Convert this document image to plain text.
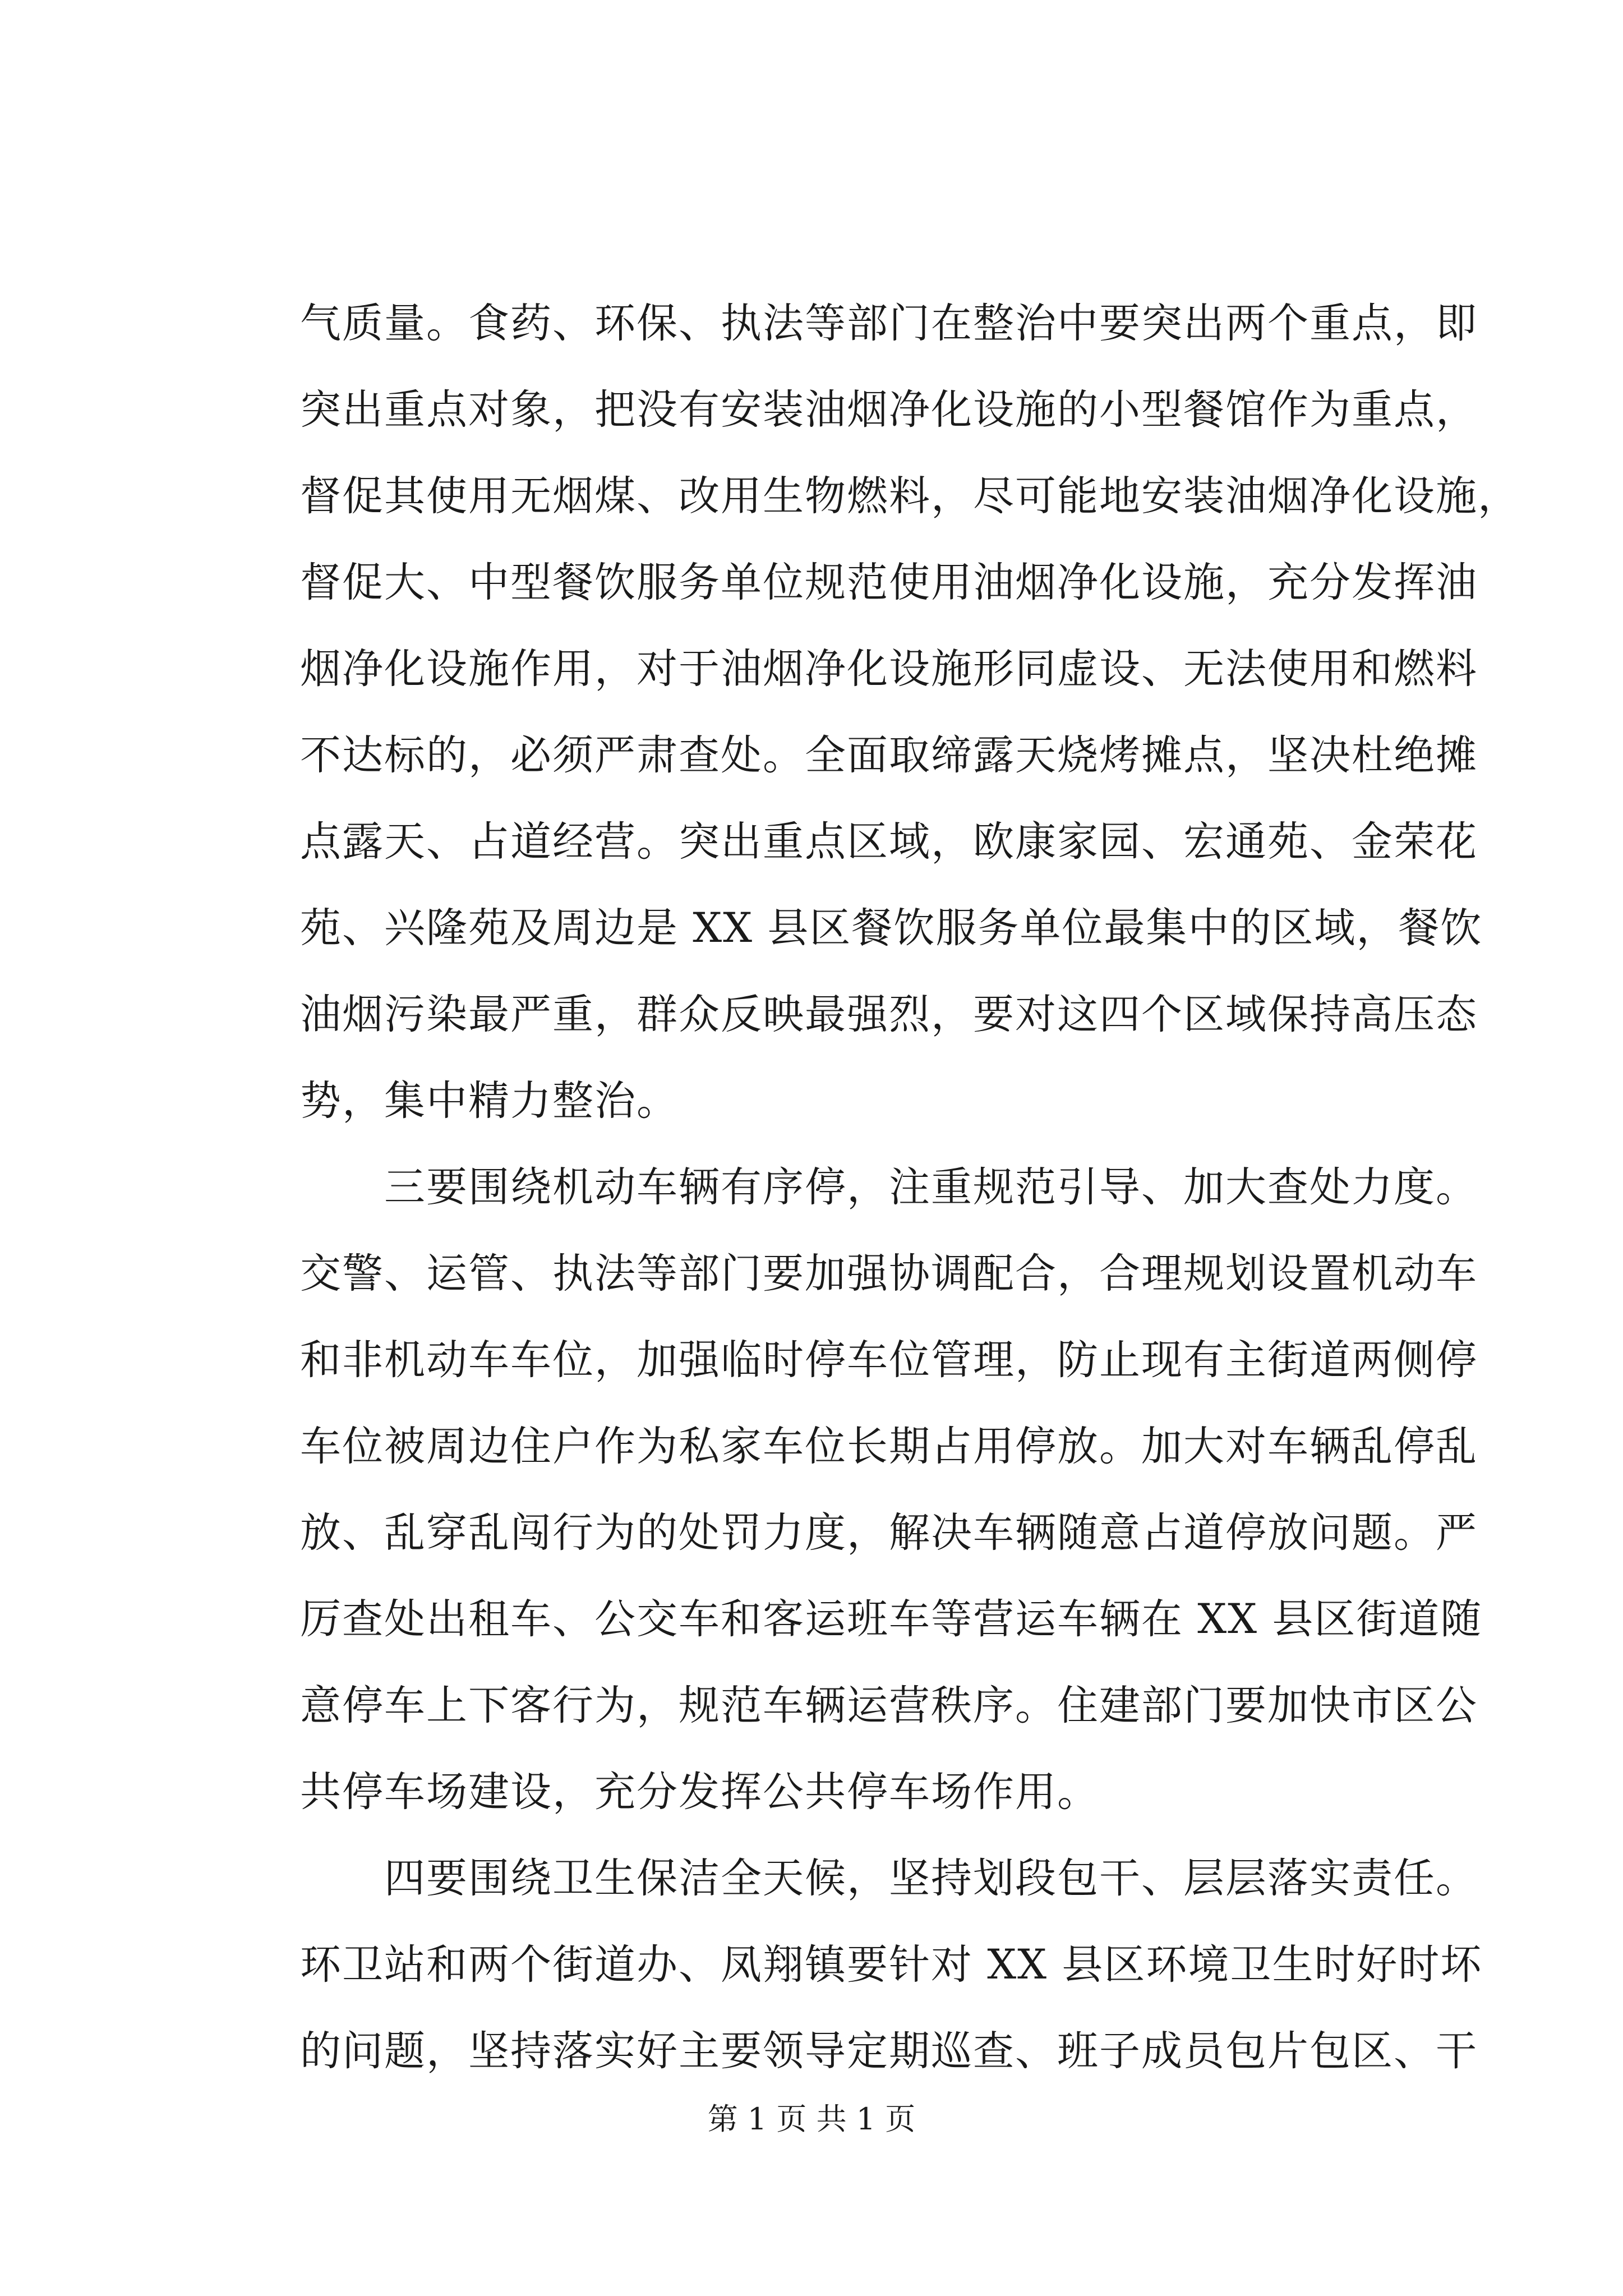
气质量。食药、环保、执法等部门在整治中要突出两个重点，即
突出重点对象，把没有安装油烟净化设施的小型餐馆作为重点，
督促其使用无烟煤、改用生物燃料，尽可能地安装油烟净化设施，
督促大、中型餐饮服务单位规范使用油烟净化设施，充分发挥油
烟净化设施作用，对于油烟净化设施形同虚设、无法使用和燃料
不达标的，必须严肃查处。全面取缔露天烧烤摊点，坚决杜绝摊
点露天、占道经营。突出重点区域，欧康家园、宏通苑、金荣花
苑、兴隆苑及周边是 XX 县区餐饮服务单位最集中的区域，餐饮
油烟污染最严重，群众反映最强烈，要对这四个区域保持高压态
势，集中精力整治。
三要围绕机动车辆有序停，注重规范引导、加大查处力度。
交警、运管、执法等部门要加强协调配合，合理规划设置机动车
和非机动车车位，加强临时停车位管理，防止现有主街道两侧停
车位被周边住户作为私家车位长期占用停放。加大对车辆乱停乱
放、乱穿乱闯行为的处罚力度，解决车辆随意占道停放问题。严
厉查处出租车、公交车和客运班车等营运车辆在 XX 县区街道随
意停车上下客行为，规范车辆运营秩序。住建部门要加快市区公
共停车场建设，充分发挥公共停车场作用。
四要围绕卫生保洁全天候，坚持划段包干、层层落实责任。
环卫站和两个街道办、凤翔镇要针对 XX 县区环境卫生时好时坏
的问题，坚持落实好主要领导定期巡查、班子成员包片包区、干
第 1 页 共 1 页
